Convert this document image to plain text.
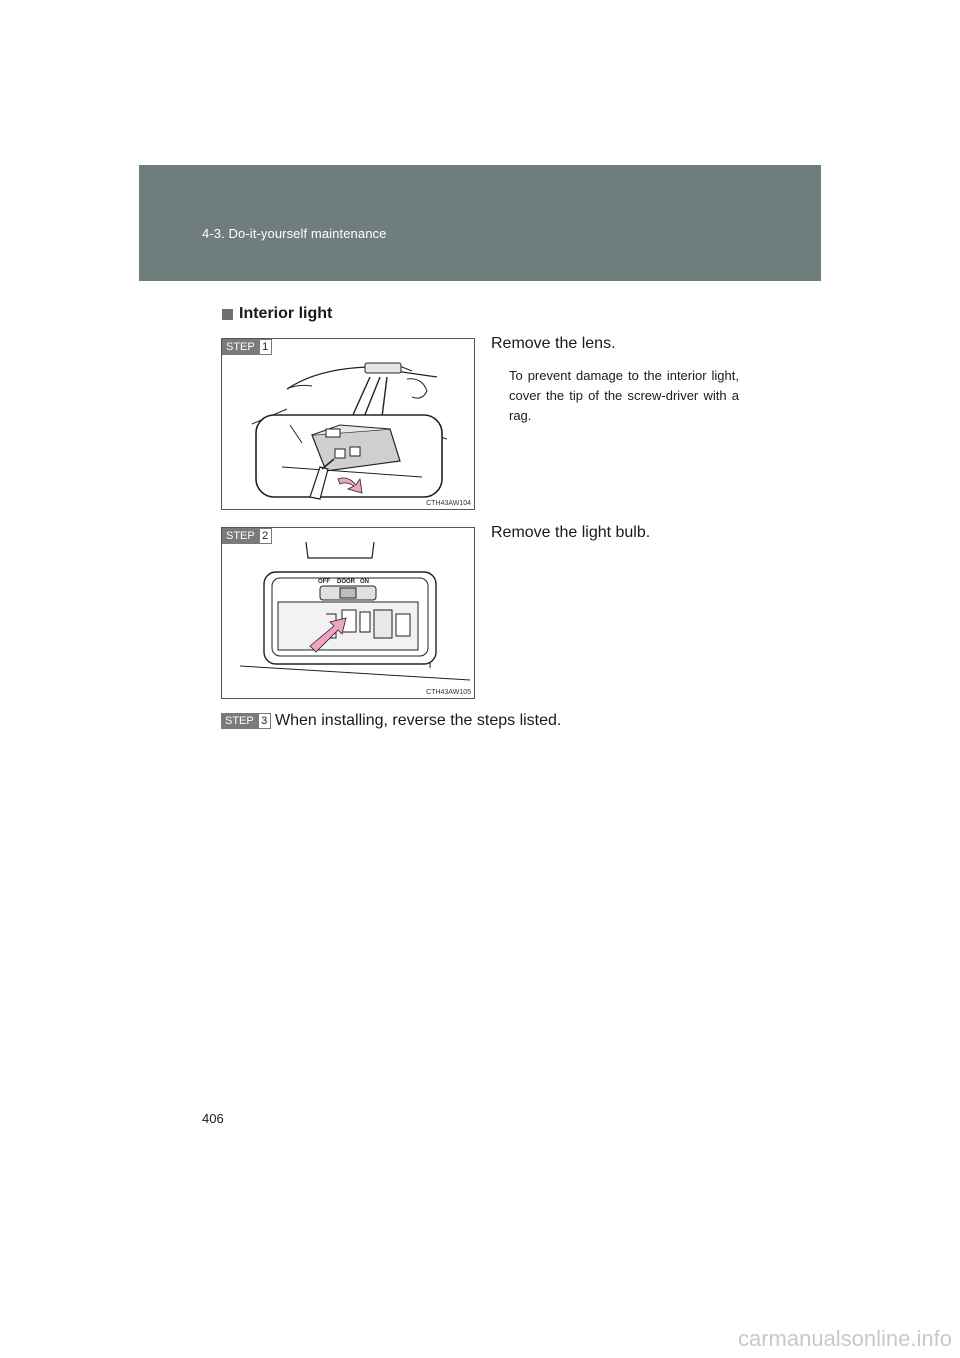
4-3. Do-it-yourself maintenance
Interior light
STEP 1
CTH43AW104
Remove the lens.
To prevent damage to the interior light, cover the tip of the screw-driver with a rag.
OFF DOOR ON
STEP 2
CTH43AW105
Remove the light bulb.
STEP 3 When installing, reverse the steps listed.
406
carmanualsonline.info
